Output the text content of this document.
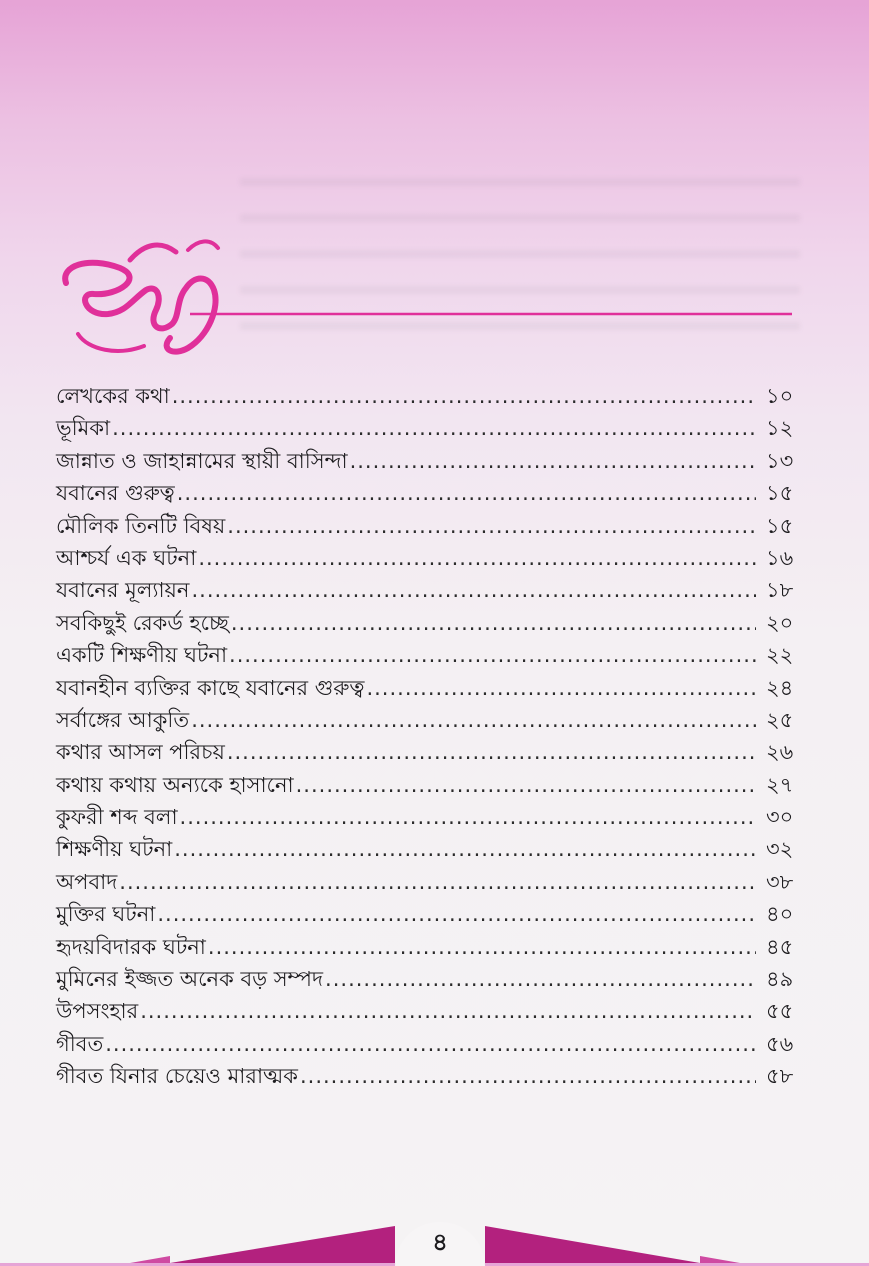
লেখকের কথা .....	১০
ভূমিকা .....	১২
জান্নাত ও জাহান্নামের স্থায়ী বাসিন্দা .....	১৩
যবানের গুরুত্ব .....	১৫
মৌলিক তিনটি বিষয় .....	১৫
আশ্চর্য এক ঘটনা .....	১৬
যবানের মূল্যায়ন .....	১৮
সবকিছুই রেকর্ড হচ্ছে .....	২০
একটি শিক্ষণীয় ঘটনা .....	২২
যবানহীন ব্যক্তির কাছে যবানের গুরুত্ব .....	২৪
সর্বাঙ্গের আকুতি .....	২৫
কথার আসল পরিচয় .....	২৬
কথায় কথায় অন্যকে হাসানো .....	২৭
কুফরী শব্দ বলা .....	৩০
শিক্ষণীয় ঘটনা .....	৩২
অপবাদ .....	৩৮
মুক্তির ঘটনা .....	৪০
হৃদয়বিদারক ঘটনা .....	৪৫
মুমিনের ইজ্জত অনেক বড় সম্পদ .....	৪৯
উপসংহার .....	৫৫
গীবত .....	৫৬
গীবত যিনার চেয়েও মারাত্মক .....	৫৮
৪
